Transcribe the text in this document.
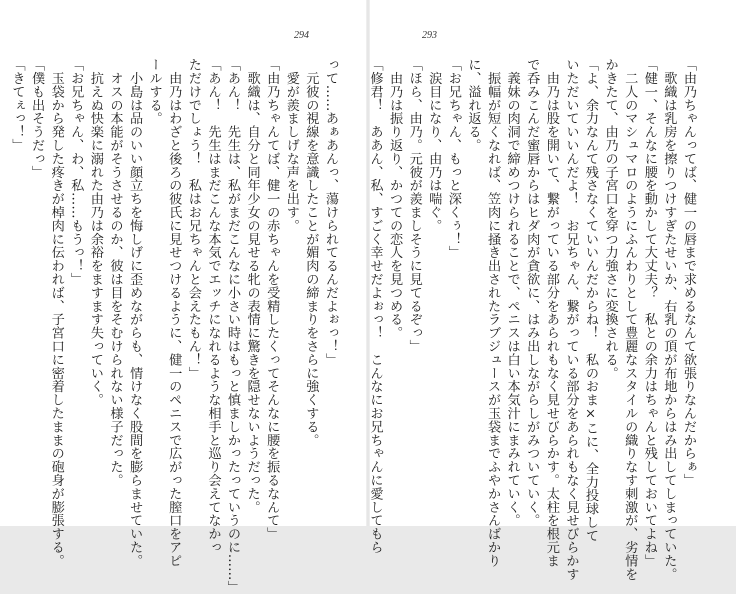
294	293
「由乃ちゃんってば、健一の唇まで求めるなんて欲張りなんだからぁ」
　歌織は乳房を擦りつけすぎたせいか、右乳の頂が布地からはみ出してしまっていた。
「健一、そんなに腰を動かして大丈夫？　私との余力はちゃんと残しておいてよね」
　二人のマシュマロのようにふんわりとして豊麗なスタイルの織りなす刺激が、劣情を
かきたて、由乃の子宮口を穿つ力強さに変換される。
「よ、余力なんて残さなくていいんだからね！　私のおま×こに、全力投球して
いただいていいんだよ！　お兄ちゃん、繋がっている部分をあられもなく見せびらかす
　由乃は股を開いて、繋がっている部分をあられもなく見せびらかす。太柱を根元ま
で呑みこんだ蜜唇からはヒダ肉が貪欲に、はみ出しながらしがみついていく。
　義妹の肉洞で締めつけられることで、ペニスは白い本気汁にまみれていく。
　振幅が短くなれば、笠肉に掻き出されたラブジュースが玉袋までふやかさんばかり
に、溢れ返る。
「お兄ちゃん、もっと深くぅ！」
　涙目になり、由乃は喘ぐ。
「ほら、由乃。元彼が羨ましそうに見てるぞっ」
　由乃は振り返り、かつての恋人を見つめる。
「修君！　ああん、私、すごく幸せだよぉっ！　こんなにお兄ちゃんに愛してもら
って……あぁあんっ、蕩けられてるんだよぉっ！」
　元彼の視線を意識したことが媚肉の締まりをさらに強くする。
　愛が羨ましげな声を出す。
「由乃ちゃんてば、健一の赤ちゃんを受精したくってそんなに腰を振るなんて」
　歌織は、自分と同年少女の見せる牝の表情に驚きを隠せないようだった。
「あん！　先生は、私がまだこんなに小さい時はもっと慎ましかったっていうのに……」
「あん！　先生はまだこんな本気でエッチになれるような相手と巡り会えてなかっ
ただけでしょう！　私はお兄ちゃんと会えたもん！」
　由乃はわざと後ろの彼氏に見せつけるように、健一のペニスで広がった膣口をアピ
ールする。
　小島は品のいい顔立ちを悔しげに歪めながらも、情けなく股間を膨らませていた。
　オスの本能がそうさせるのか、彼は目をそむけられない様子だった。
　抗えぬ快楽に溺れた由乃は余裕をますます失っていく。
「お兄ちゃん、わ、私……もうっ！」
　玉袋から発した疼きが棹肉に伝われば、子宮口に密着したままの砲身が膨張する。
「僕も出そうだっ」
「きてぇっ！」
